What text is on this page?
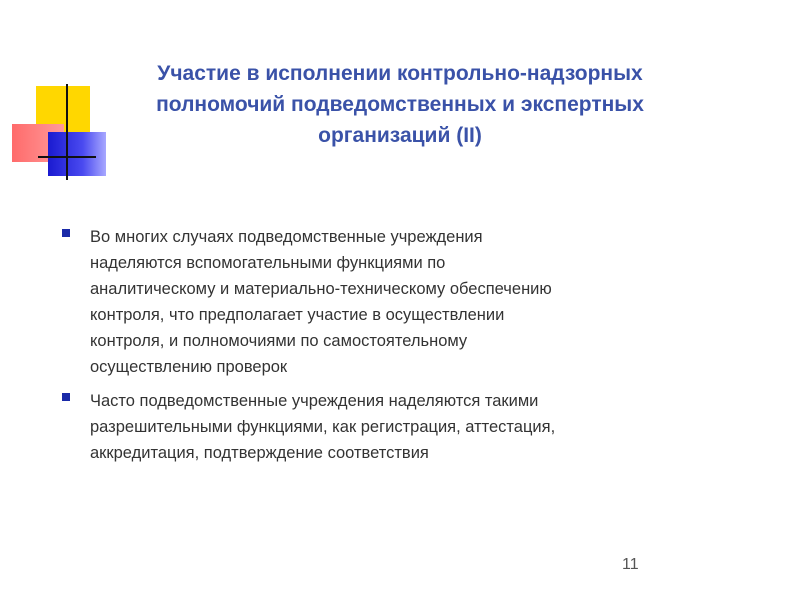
Участие в исполнении контрольно-надзорных
полномочий подведомственных и экспертных
организаций (II)
Во многих случаях подведомственные учреждения
наделяются вспомогательными функциями по
аналитическому и материально-техническому обеспечению
контроля, что предполагает участие в осуществлении
контроля, и полномочиями по самостоятельному
осуществлению проверок
Часто подведомственные учреждения наделяются такими
разрешительными функциями, как регистрация, аттестация,
аккредитация, подтверждение соответствия
11
